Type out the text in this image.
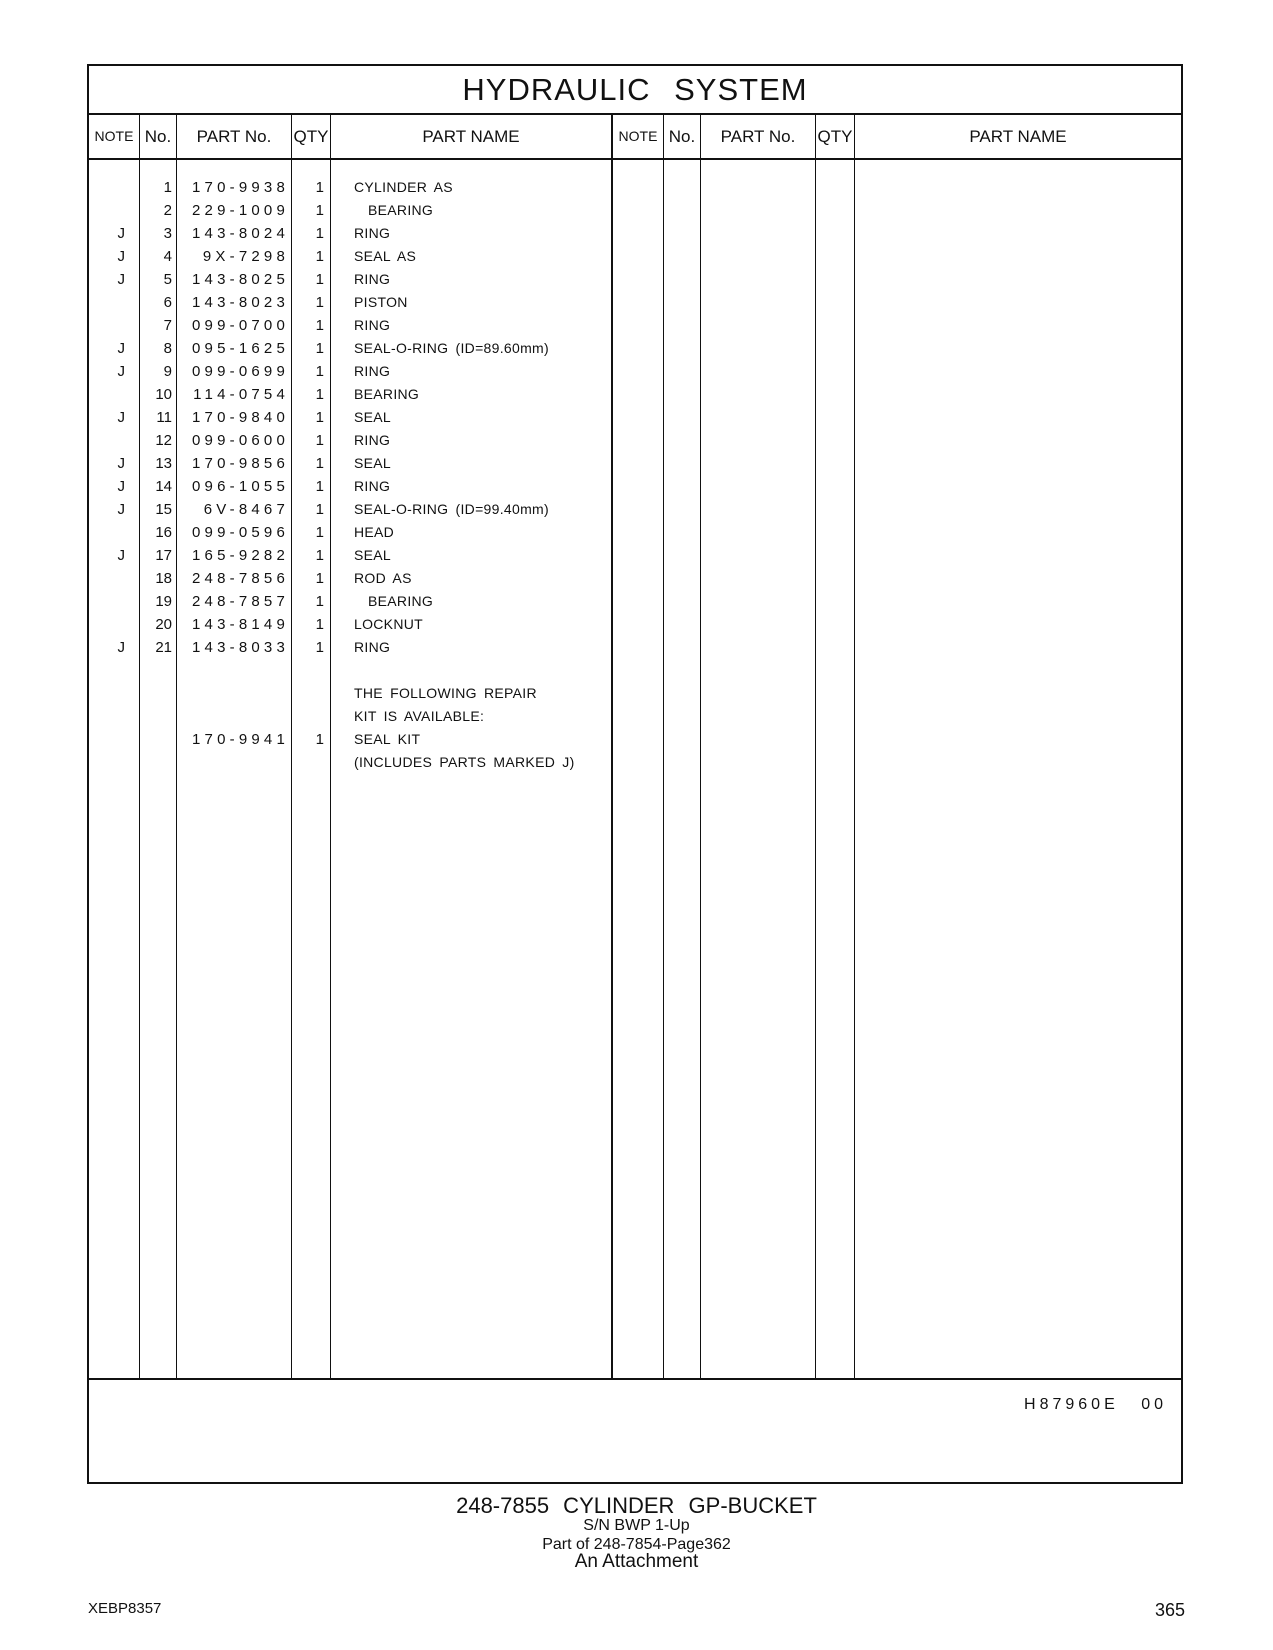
HYDRAULIC SYSTEM
NOTE No.	PART No.	QTY	PART NAME	NOTE No.	PART No.	QTY	PART NAME
1	170-9938	1 CYLINDER AS
2	229-1009	1	BEARING
J	3	143-8024	1 RING
J	4	9X-7298	1 SEAL AS
J	5	143-8025	1 RING
6	143-8023	1 PISTON
7	099-0700	1 RING
J	8	095-1625	1 SEAL-O-RING (ID=89.60mm)
J	9	099-0699	1 RING
10	114-0754	1 BEARING
J	11	170-9840	1 SEAL
12	099-0600	1 RING
J	13	170-9856	1 SEAL
J	14	096-1055	1 RING
J	15	6V-8467	1 SEAL-O-RING (ID=99.40mm)
16	099-0596	1 HEAD
J	17	165-9282	1 SEAL
18	248-7856	1 ROD AS
19	248-7857	1	BEARING
20	143-8149	1 LOCKNUT
J	21	143-8033	1 RING
THE FOLLOWING REPAIR
KIT IS AVAILABLE:
170-9941	1 SEAL KIT
(INCLUDES PARTS MARKED J)
H87960E 00
248-7855 CYLINDER GP-BUCKET
S/N BWP 1-Up
Part of 248-7854-Page362
An Attachment
XEBP8357	365
